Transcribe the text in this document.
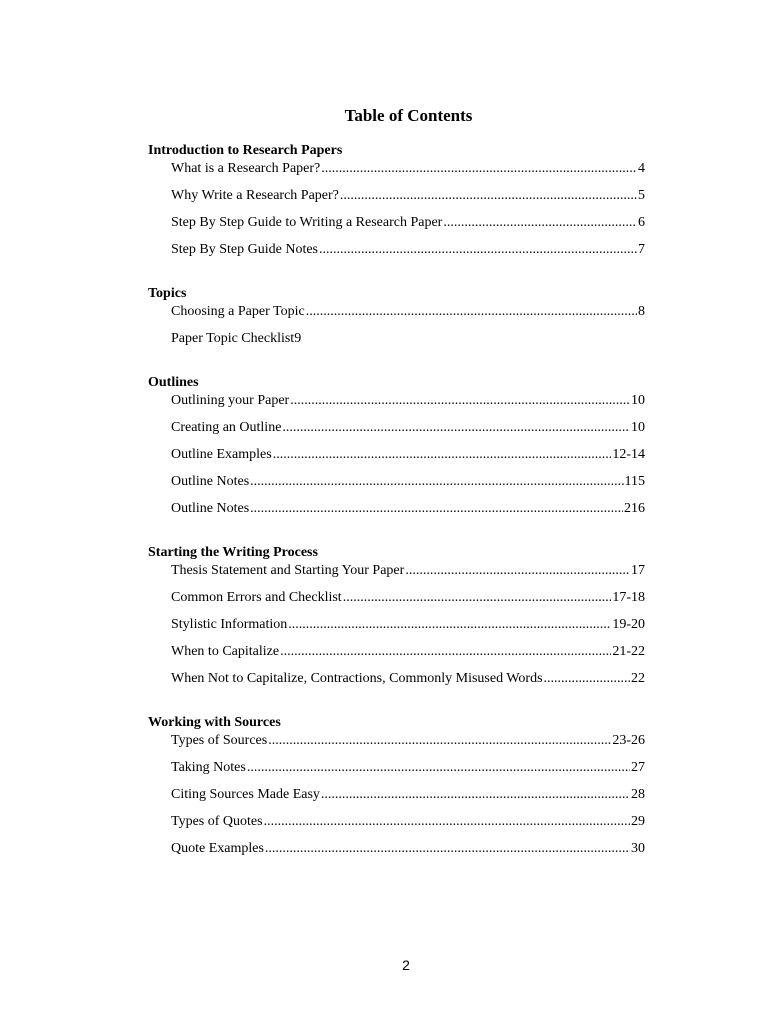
Table of Contents
Introduction to Research Papers
What is a Research Paper? .....	4
Why Write a Research Paper? .....	5
Step By Step Guide to Writing a Research Paper .....	6
Step By Step Guide Notes .....	7
Topics
Choosing a Paper Topic .....	8
Paper Topic Checklist 9
Outlines
Outlining your Paper .....	10
Creating an Outline .....	10
Outline Examples .....	12-14
Outline Notes .....	115
Outline Notes .....	216
Starting the Writing Process
Thesis Statement and Starting Your Paper .....	17
Common Errors and Checklist .....	17-18
Stylistic Information .....	19-20
When to Capitalize .....	21-22
When Not to Capitalize, Contractions, Commonly Misused Words .....	22
Working with Sources
Types of Sources .....	23-26
Taking Notes .....	27
Citing Sources Made Easy .....	28
Types of Quotes .....	29
Quote Examples .....	30
2
